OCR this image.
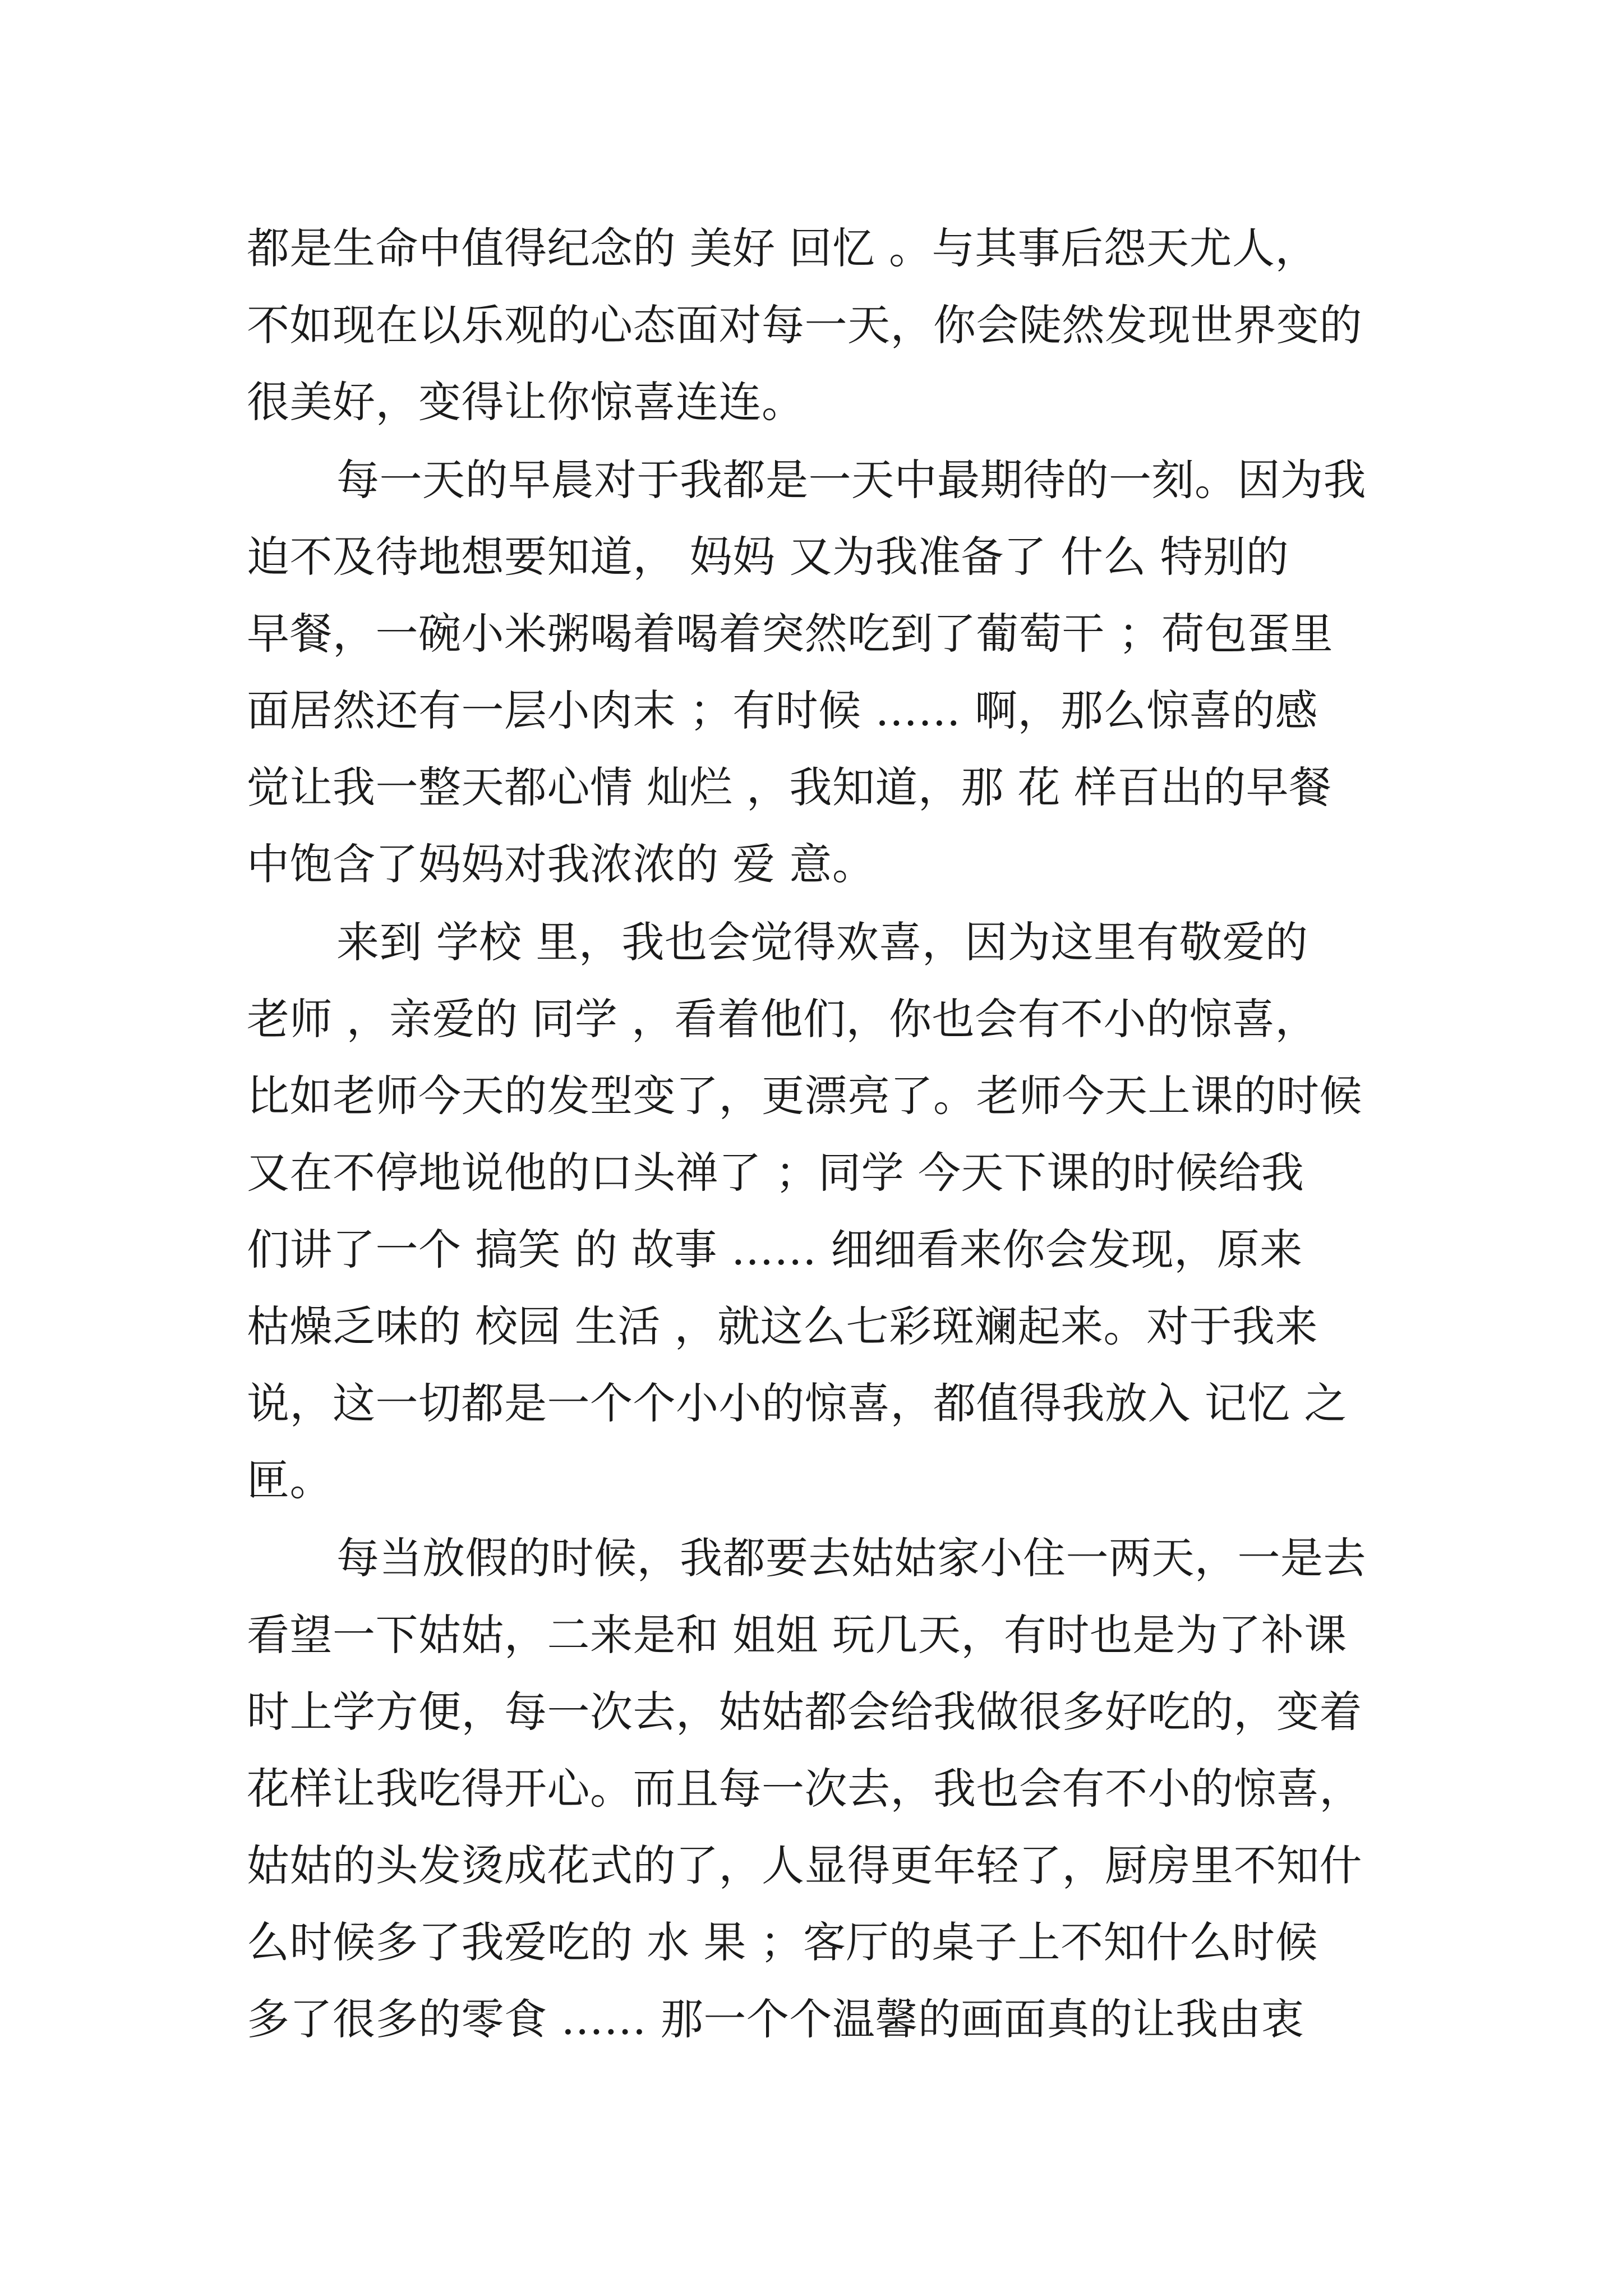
都是生命中值得纪念的 美好 回忆 。与其事后怨天尤人，
不如现在以乐观的心态面对每一天，你会陡然发现世界变的
很美好，变得让你惊喜连连。
每一天的早晨对于我都是一天中最期待的一刻。因为我
迫不及待地想要知道， 妈妈 又为我准备了 什么 特别的
早餐，一碗小米粥喝着喝着突然吃到了葡萄干 ；荷包蛋里
面居然还有一层小肉末 ；有时候 …… 啊，那么惊喜的感
觉让我一整天都心情 灿烂 ，我知道，那 花 样百出的早餐
中饱含了妈妈对我浓浓的 爱 意。
来到 学校 里，我也会觉得欢喜，因为这里有敬爱的
老师 ，亲爱的 同学 ，看着他们，你也会有不小的惊喜，
比如老师今天的发型变了，更漂亮了。老师今天上课的时候
又在不停地说他的口头禅了 ；同学 今天下课的时候给我
们讲了一个 搞笑 的 故事 …… 细细看来你会发现，原来
枯燥乏味的 校园 生活 ，就这么七彩斑斓起来。对于我来
说，这一切都是一个个小小的惊喜，都值得我放入 记忆 之
匣。
每当放假的时候，我都要去姑姑家小住一两天，一是去
看望一下姑姑，二来是和 姐姐 玩几天，有时也是为了补课
时上学方便，每一次去，姑姑都会给我做很多好吃的，变着
花样让我吃得开心。而且每一次去，我也会有不小的惊喜，
姑姑的头发烫成花式的了，人显得更年轻了，厨房里不知什
么时候多了我爱吃的 水 果 ；客厅的桌子上不知什么时候
多了很多的零食 …… 那一个个温馨的画面真的让我由衷
